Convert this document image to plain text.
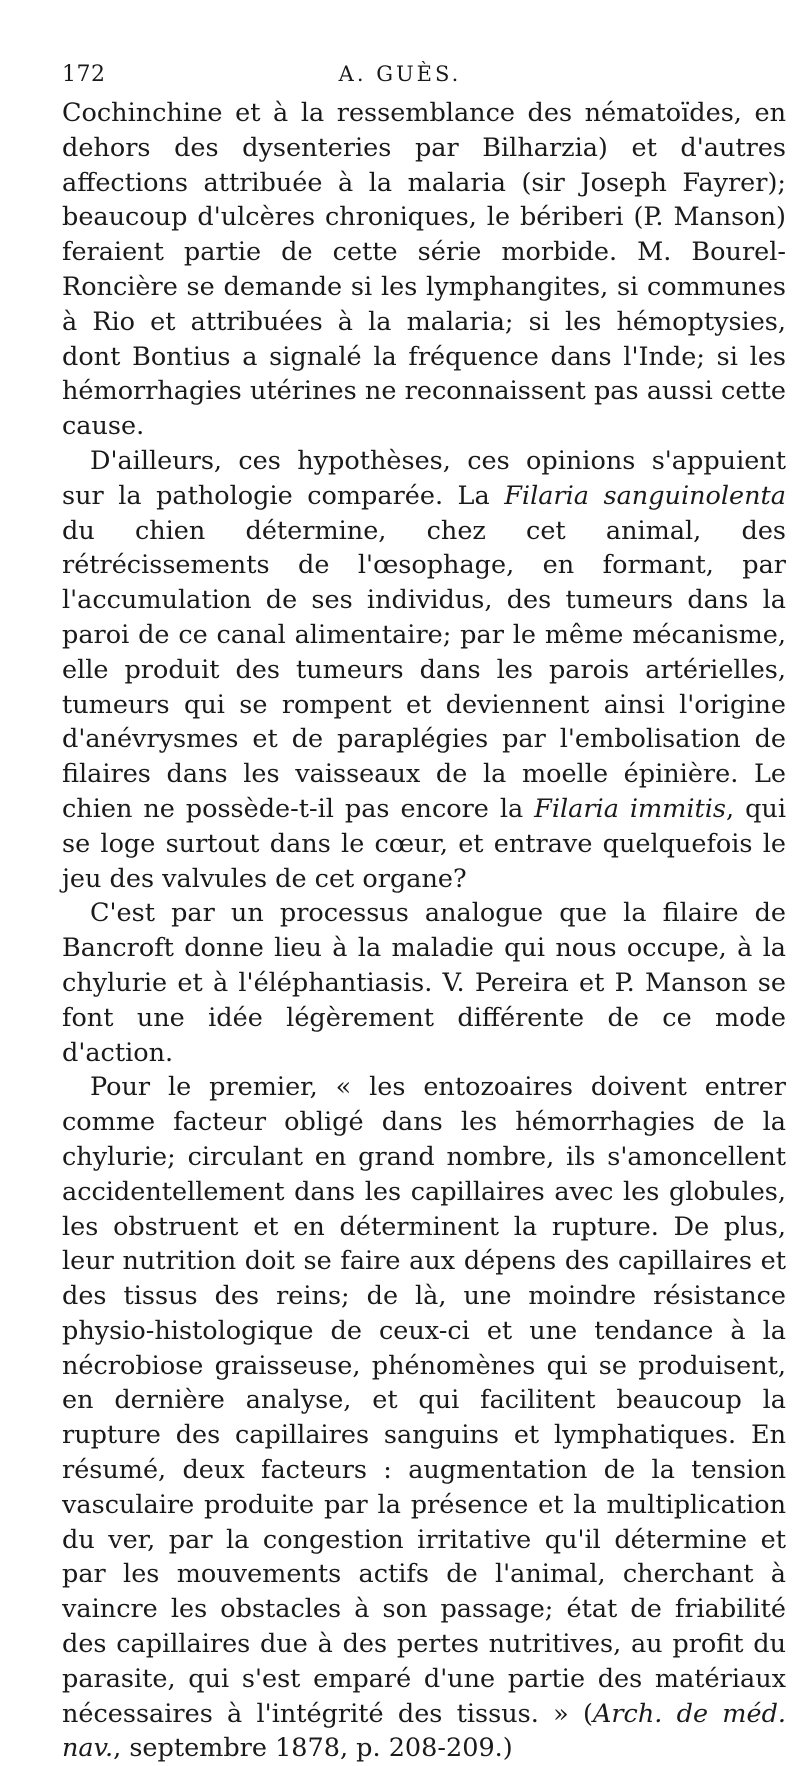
172	A. GUÈS.

Cochinchine et à la ressemblance des nématoïdes, en dehors des dysenteries par Bilharzia) et d'autres affections attribuée à la malaria (sir Joseph Fayrer); beaucoup d'ulcères chroniques, le bériberi (P. Manson) feraient partie de cette série morbide. M. Bourel-Roncière se demande si les lymphangites, si communes à Rio et attribuées à la malaria; si les hémoptysies, dont Bontius a signalé la fréquence dans l'Inde; si les hémorrhagies utérines ne reconnaissent pas aussi cette cause.

D'ailleurs, ces hypothèses, ces opinions s'appuient sur la pathologie comparée. La Filaria sanguinolenta du chien détermine, chez cet animal, des rétrécissements de l'œsophage, en formant, par l'accumulation de ses individus, des tumeurs dans la paroi de ce canal alimentaire; par le même mécanisme, elle produit des tumeurs dans les parois artérielles, tumeurs qui se rompent et deviennent ainsi l'origine d'anévrysmes et de paraplégies par l'embolisation de filaires dans les vaisseaux de la moelle épinière. Le chien ne possède-t-il pas encore la Filaria immitis, qui se loge surtout dans le cœur, et entrave quelquefois le jeu des valvules de cet organe?

C'est par un processus analogue que la filaire de Bancroft donne lieu à la maladie qui nous occupe, à la chylurie et à l'éléphantiasis. V. Pereira et P. Manson se font une idée légèrement différente de ce mode d'action.

Pour le premier, « les entozoaires doivent entrer comme facteur obligé dans les hémorrhagies de la chylurie; circulant en grand nombre, ils s'amoncellent accidentellement dans les capillaires avec les globules, les obstruent et en déterminent la rupture. De plus, leur nutrition doit se faire aux dépens des capillaires et des tissus des reins; de là, une moindre résistance physio-histologique de ceux-ci et une tendance à la nécrobiose graisseuse, phénomènes qui se produisent, en dernière analyse, et qui facilitent beaucoup la rupture des capillaires sanguins et lymphatiques. En résumé, deux facteurs : augmentation de la tension vasculaire produite par la présence et la multiplication du ver, par la congestion irritative qu'il détermine et par les mouvements actifs de l'animal, cherchant à vaincre les obstacles à son passage; état de friabilité des capillaires due à des pertes nutritives, au profit du parasite, qui s'est emparé d'une partie des matériaux nécessaires à l'intégrité des tissus. » (Arch. de méd. nav., septembre 1878, p. 208-209.)
